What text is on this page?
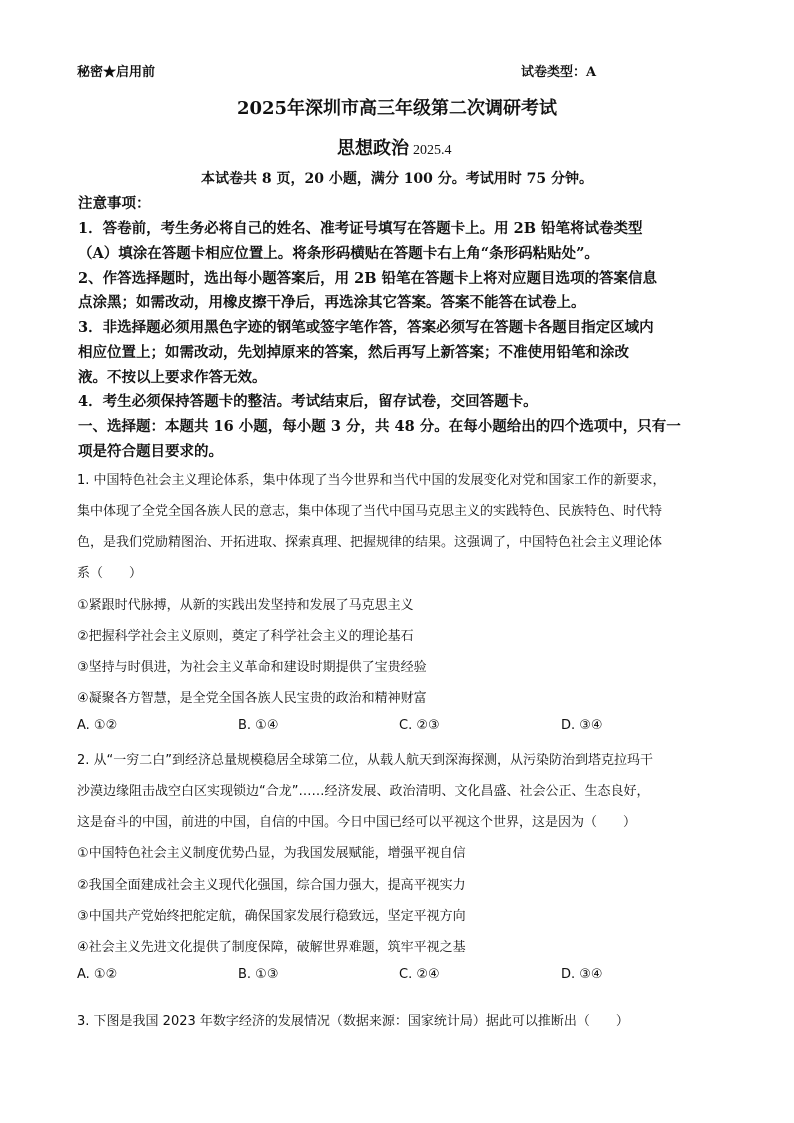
秘密★启用前	试卷类型：A
2025年深圳市高三年级第二次调研考试
思想政治 2025.4
本试卷共 8 页，20 小题，满分 100 分。考试用时 75 分钟。
注意事项：
1．答卷前，考生务必将自己的姓名、准考证号填写在答题卡上。用 2B 铅笔将试卷类型
（A）填涂在答题卡相应位置上。将条形码横贴在答题卡右上角“条形码粘贴处”。
2、作答选择题时，选出每小题答案后，用 2B 铅笔在答题卡上将对应题目选项的答案信息
点涂黑；如需改动，用橡皮擦干净后，再选涂其它答案。答案不能答在试卷上。
3．非选择题必须用黑色字迹的钢笔或签字笔作答，答案必须写在答题卡各题目指定区域内
相应位置上；如需改动，先划掉原来的答案，然后再写上新答案；不准使用铅笔和涂改
液。不按以上要求作答无效。
4．考生必须保持答题卡的整洁。考试结束后，留存试卷，交回答题卡。
一、选择题：本题共 16 小题，每小题 3 分，共 48 分。在每小题给出的四个选项中，只有一
项是符合题目要求的。
1. 中国特色社会主义理论体系，集中体现了当今世界和当代中国的发展变化对党和国家工作的新要求，
集中体现了全党全国各族人民的意志，集中体现了当代中国马克思主义的实践特色、民族特色、时代特
色，是我们党励精图治、开拓进取、探索真理、把握规律的结果。这强调了，中国特色社会主义理论体
系（　　）
①紧跟时代脉搏，从新的实践出发坚持和发展了马克思主义
②把握科学社会主义原则，奠定了科学社会主义的理论基石
③坚持与时俱进，为社会主义革命和建设时期提供了宝贵经验
④凝聚各方智慧，是全党全国各族人民宝贵的政治和精神财富
A. ①②	B. ①④	C. ②③	D. ③④
2. 从“一穷二白”到经济总量规模稳居全球第二位，从载人航天到深海探测，从污染防治到塔克拉玛干
沙漠边缘阻击战空白区实现锁边“合龙”……经济发展、政治清明、文化昌盛、社会公正、生态良好，
这是奋斗的中国，前进的中国，自信的中国。今日中国已经可以平视这个世界，这是因为（　　）
①中国特色社会主义制度优势凸显，为我国发展赋能，增强平视自信
②我国全面建成社会主义现代化强国，综合国力强大，提高平视实力
③中国共产党始终把舵定航，确保国家发展行稳致远，坚定平视方向
④社会主义先进文化提供了制度保障，破解世界难题，筑牢平视之基
A. ①②	B. ①③	C. ②④	D. ③④
3. 下图是我国 2023 年数字经济的发展情况（数据来源：国家统计局）据此可以推断出（　　）
